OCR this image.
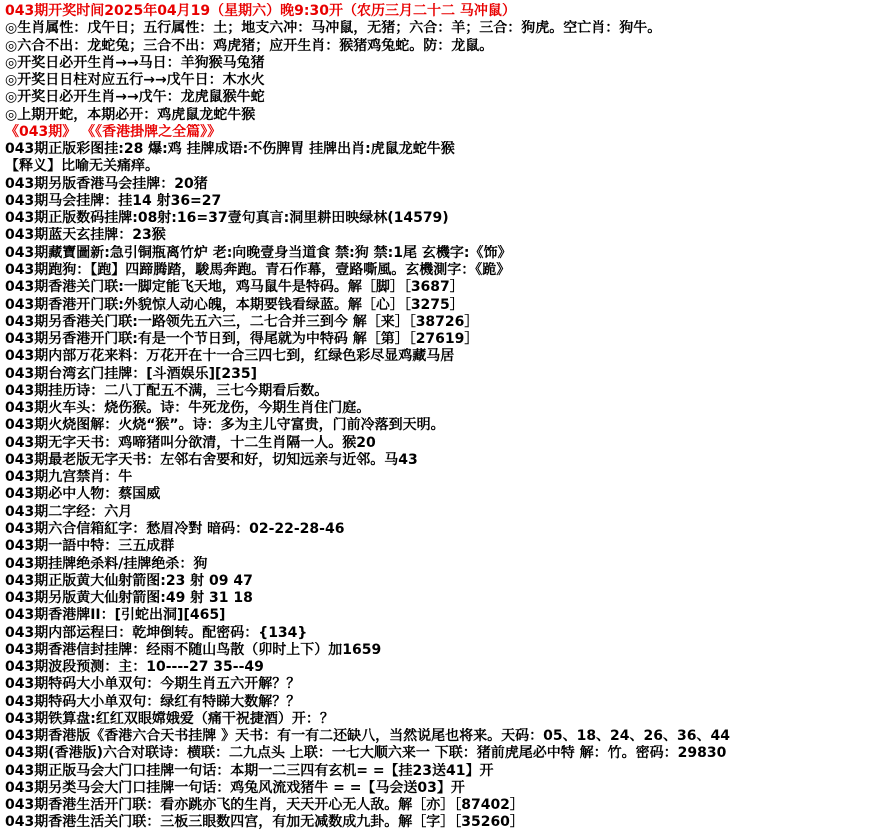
043期开奖时间2025年04月19（星期六）晚9:30开（农历三月二十二 马冲鼠）
◎生肖属性：戊午日；五行属性：土；地支六冲：马冲鼠，无猪；六合：羊；三合：狗虎。空亡肖：狗牛。
◎六合不出：龙蛇兔；三合不出：鸡虎猪；应开生肖：猴猪鸡兔蛇。防：龙鼠。
◎开奖日必开生肖→→马日：羊狗猴马兔猪
◎开奖日日柱对应五行→→戊午日：木水火
◎开奖日必开生肖→→戊午：龙虎鼠猴牛蛇
◎上期开蛇，本期必开：鸡虎鼠龙蛇牛猴
《043期》 《《香港掛牌之全篇》》
043期正版彩图挂:28 爆:鸡 挂牌成语:不伤脾胃 挂牌出肖:虎鼠龙蛇牛猴
【释义】比喻无关痛痒。
043期另版香港马会挂牌：20猪
043期马会挂牌：挂14 射36=27
043期正版数码挂牌:08射:16=37壹句真言:洞里耕田映绿林(14579)
043期蓝天玄挂牌：23猴
043期藏寶圖新:急引铜瓶离竹炉 老:向晚壹身当道食 禁:狗 禁:1尾 玄機字:《饰》
043期跑狗：【跑】四蹄腾踏，駿馬奔跑。青石作幕，壹路嘶風。玄機測字：《跪》
043期香港关门联:一脚定能飞天地，鸡马鼠牛是特码。解［脚］［3687］
043期香港开门联:外貌惊人动心魄，本期要钱看绿蓝。解［心］［3275］
043期另香港关门联:一路领先五六三，二七合并三到今 解［来］［38726］
043期另香港开门联:有是一个节日到，得尾就为中特码 解［第］［27619］
043期内部万花来料：万花开在十一合三四七到，红绿色彩尽显鸡藏马居
043期台湾玄门挂牌：[斗酒娱乐][235]
043期挂历诗：二八丁配五不满，三七今期看后数。
043期火车头：烧伤猴。诗：牛死龙伤，今期生肖住门庭。
043期火烧图解：火烧“猴”。诗：多为主儿守富贵，门前冷落到天明。
043期无字天书：鸡啼猪叫分欲清，十二生肖隔一人。猴20
043期最老版无字天书：左邻右舍要和好，切知远亲与近邻。马43
043期九宫禁肖：牛
043期必中人物：蔡国威
043期二字经：六月
043期六合信箱紅字：愁眉冷對 暗码：02-22-28-46
043期一語中特：三五成群
043期挂牌绝杀料/挂牌绝杀：狗
043期正版黄大仙射箭图:23 射 09 47
043期另版黄大仙射箭图:49 射 31 18
043期香港牌II：[引蛇出洞][465]
043期内部运程曰：乾坤倒转。配密码：{134}
043期香港信封挂牌：经雨不随山鸟散（卯时上下）加1659
043期波段预测：主：10----27 35--49
043期特码大小单双句：今期生肖五六开解？？
043期特码大小单双句：绿红有特睇大数解？？
043期铁算盘:红红双眼嫦娥爱（痛干祝捷酒）开：？
043期香港版《香港六合天书挂牌 》天书：有一有二还缺八，当然说尾也将来。天码：05、18、24、26、36、44
043期(香港版)六合对联诗：横联：二九点头 上联：一七大顺六来一 下联：猪前虎尾必中特 解：竹。密码：29830
043期正版马会大门口挂牌一句话：本期一二三四有玄机= =【挂23送41】开
043期另类马会大门口挂牌一句话：鸡兔风流戏猪牛 = =【马会送03】开
043期香港生活开门联：看亦跳亦飞的生肖，天天开心无人敌。解［亦］［87402］
043期香港生活关门联：三板三眼数四宫，有加无减数成九卦。解［字］［35260］
